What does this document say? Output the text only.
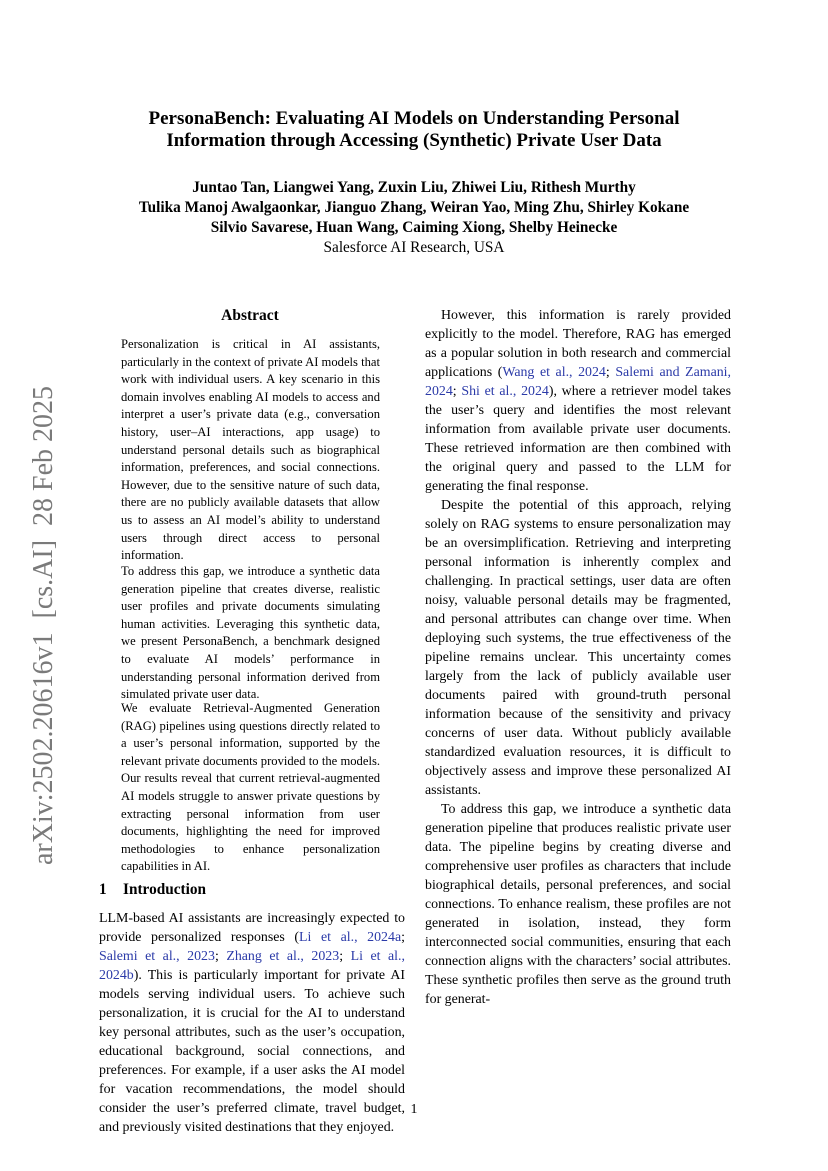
arXiv:2502.20616v1  [cs.AI]  28 Feb 2025
PersonaBench: Evaluating AI Models on Understanding Personal
Information through Accessing (Synthetic) Private User Data
Juntao Tan, Liangwei Yang, Zuxin Liu, Zhiwei Liu, Rithesh Murthy
Tulika Manoj Awalgaonkar, Jianguo Zhang, Weiran Yao, Ming Zhu, Shirley Kokane
Silvio Savarese, Huan Wang, Caiming Xiong, Shelby Heinecke
Salesforce AI Research, USA
Abstract

Personalization is critical in AI assistants, particularly in the context of private AI models that work with individual users. A key scenario in this domain involves enabling AI models to access and interpret a user’s private data (e.g., conversation history, user–AI interactions, app usage) to understand personal details such as biographical information, preferences, and social connections. However, due to the sensitive nature of such data, there are no publicly available datasets that allow us to assess an AI model’s ability to understand users through direct access to personal information.

To address this gap, we introduce a synthetic data generation pipeline that creates diverse, realistic user profiles and private documents simulating human activities. Leveraging this synthetic data, we present PersonaBench, a benchmark designed to evaluate AI models’ performance in understanding personal information derived from simulated private user data.

We evaluate Retrieval-Augmented Generation (RAG) pipelines using questions directly related to a user’s personal information, supported by the relevant private documents provided to the models. Our results reveal that current retrieval-augmented AI models struggle to answer private questions by extracting personal information from user documents, highlighting the need for improved methodologies to enhance personalization capabilities in AI.

1 Introduction

LLM-based AI assistants are increasingly expected to provide personalized responses (Li et al., 2024a; Salemi et al., 2023; Zhang et al., 2023; Li et al., 2024b). This is particularly important for private AI models serving individual users. To achieve such personalization, it is crucial for the AI to understand key personal attributes, such as the user’s occupation, educational background, social connections, and preferences. For example, if a user asks the AI model for vacation recommendations, the model should consider the user’s preferred climate, travel budget, and previously visited destinations that they enjoyed.

However, this information is rarely provided explicitly to the model. Therefore, RAG has emerged as a popular solution in both research and commercial applications (Wang et al., 2024; Salemi and Zamani, 2024; Shi et al., 2024), where a retriever model takes the user’s query and identifies the most relevant information from available private user documents. These retrieved information are then combined with the original query and passed to the LLM for generating the final response.

Despite the potential of this approach, relying solely on RAG systems to ensure personalization may be an oversimplification. Retrieving and interpreting personal information is inherently complex and challenging. In practical settings, user data are often noisy, valuable personal details may be fragmented, and personal attributes can change over time. When deploying such systems, the true effectiveness of the pipeline remains unclear. This uncertainty comes largely from the lack of publicly available user documents paired with ground-truth personal information because of the sensitivity and privacy concerns of user data. Without publicly available standardized evaluation resources, it is difficult to objectively assess and improve these personalized AI assistants.

To address this gap, we introduce a synthetic data generation pipeline that produces realistic private user data. The pipeline begins by creating diverse and comprehensive user profiles as characters that include biographical details, personal preferences, and social connections. To enhance realism, these profiles are not generated in isolation, instead, they form interconnected social communities, ensuring that each connection aligns with the characters’ social attributes. These synthetic profiles then serve as the ground truth for generat-

1
